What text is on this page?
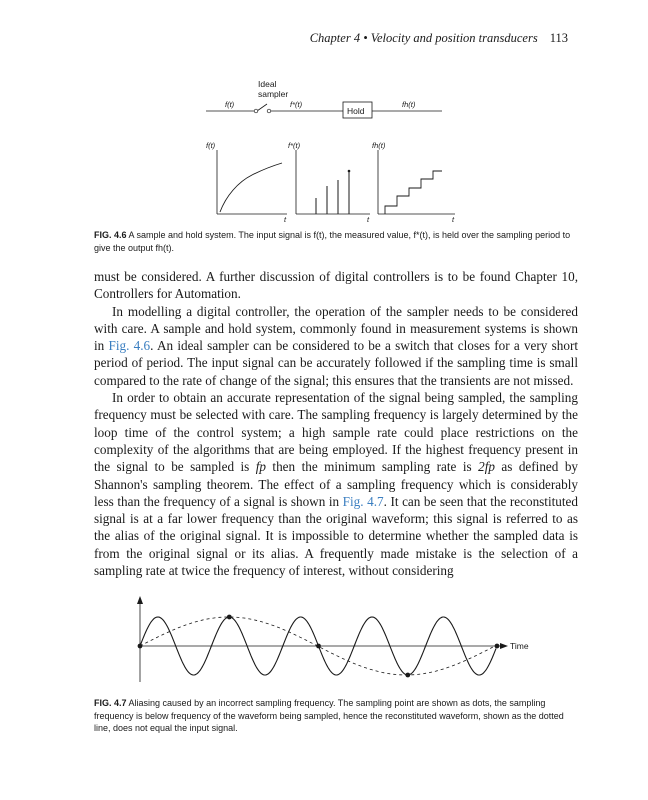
Chapter 4 • Velocity and position transducers 113
Ideal
sampler
Hold
f(t)	f*(t)	fh(t)
f(t)	f*(t)	fh(t)
t	t	t
FIG. 4.6 A sample and hold system. The input signal is f(t), the measured value, f*(t), is held over the sampling period to give the output fh(t).

must be considered. A further discussion of digital controllers is to be found Chapter 10, Controllers for Automation.

In modelling a digital controller, the operation of the sampler needs to be considered with care. A sample and hold system, commonly found in measurement systems is shown in Fig. 4.6. An ideal sampler can be considered to be a switch that closes for a very short period of period. The input signal can be accurately followed if the sampling time is small compared to the rate of change of the signal; this ensures that the transients are not missed.

In order to obtain an accurate representation of the signal being sampled, the sampling frequency must be selected with care. The sampling frequency is largely determined by the loop time of the control system; a high sample rate could place restrictions on the complexity of the algorithms that are being employed. If the highest frequency present in the signal to be sampled is fp then the minimum sampling rate is 2fp as defined by Shannon's sampling theorem. The effect of a sampling frequency which is considerably less than the frequency of a signal is shown in Fig. 4.7. It can be seen that the reconstituted signal is at a far lower frequency than the original waveform; this signal is referred to as the alias of the original signal. It is impossible to determine whether the sampled data is from the original signal or its alias. A frequently made mistake is the selection of a sampling rate at twice the frequency of interest, without considering

Time
FIG. 4.7 Aliasing caused by an incorrect sampling frequency. The sampling point are shown as dots, the sampling frequency is below frequency of the waveform being sampled, hence the reconstituted waveform, shown as the dotted line, does not equal the input signal.
